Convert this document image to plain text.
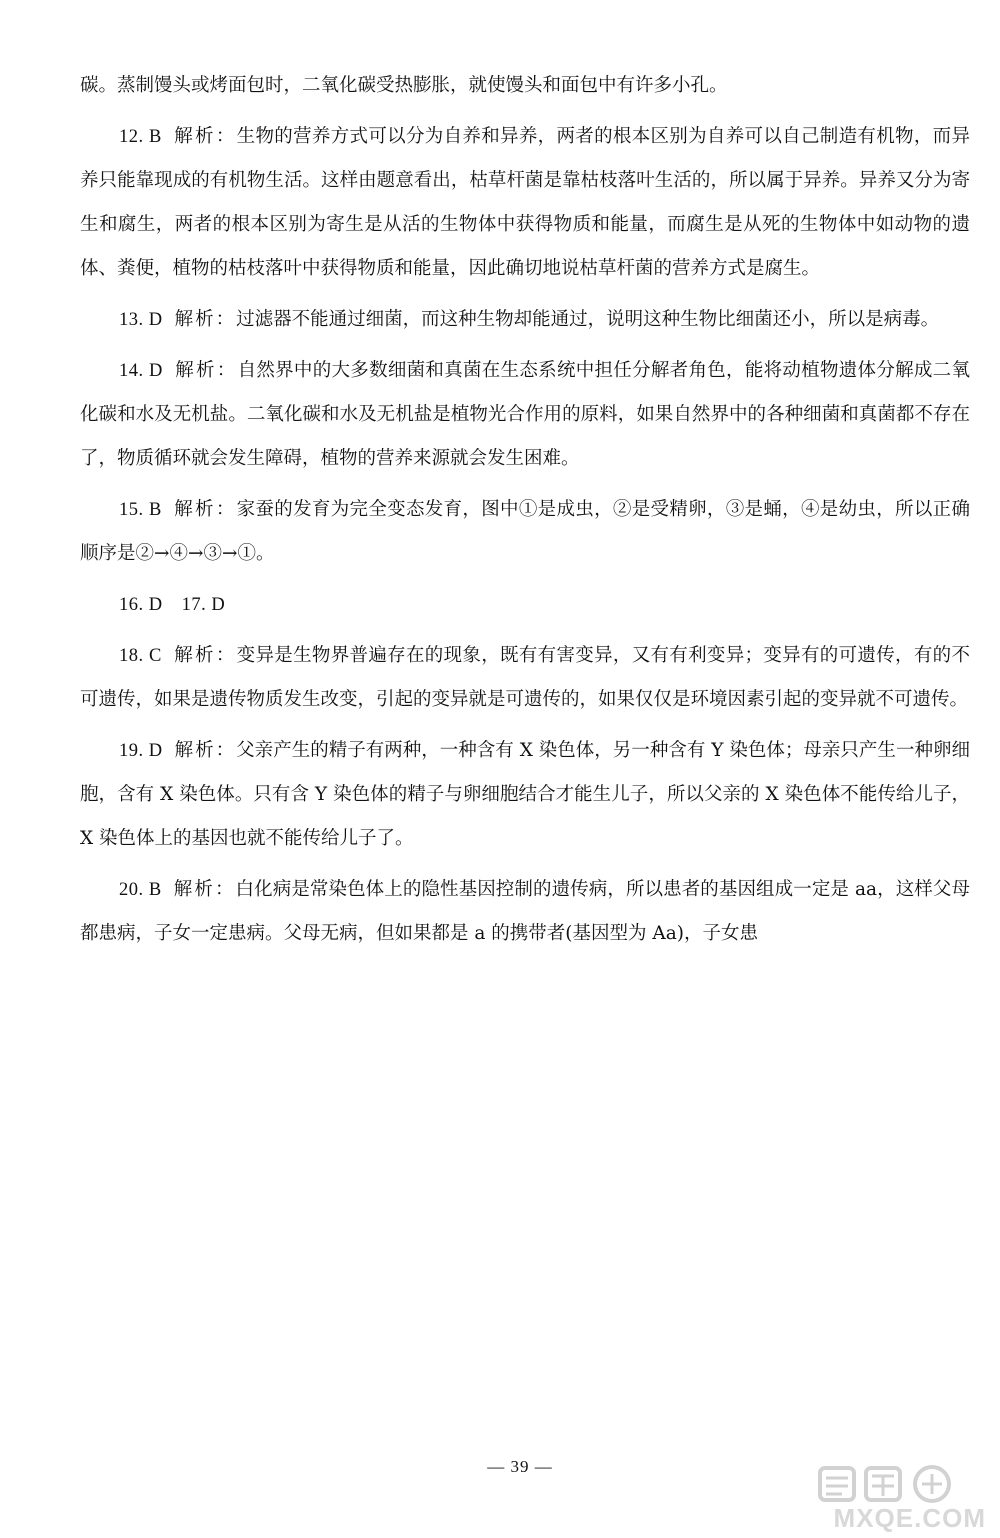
碳。蒸制馒头或烤面包时，二氧化碳受热膨胀，就使馒头和面包中有许多小孔。

12. B 解析：生物的营养方式可以分为自养和异养，两者的根本区别为自养可以自己制造有机物，而异养只能靠现成的有机物生活。这样由题意看出，枯草杆菌是靠枯枝落叶生活的，所以属于异养。异养又分为寄生和腐生，两者的根本区别为寄生是从活的生物体中获得物质和能量，而腐生是从死的生物体中如动物的遗体、粪便，植物的枯枝落叶中获得物质和能量，因此确切地说枯草杆菌的营养方式是腐生。

13. D 解析：过滤器不能通过细菌，而这种生物却能通过，说明这种生物比细菌还小，所以是病毒。

14. D 解析：自然界中的大多数细菌和真菌在生态系统中担任分解者角色，能将动植物遗体分解成二氧化碳和水及无机盐。二氧化碳和水及无机盐是植物光合作用的原料，如果自然界中的各种细菌和真菌都不存在了，物质循环就会发生障碍，植物的营养来源就会发生困难。

15. B 解析：家蚕的发育为完全变态发育，图中①是成虫，②是受精卵，③是蛹，④是幼虫，所以正确顺序是②→④→③→①。

16. D　17. D

18. C 解析：变异是生物界普遍存在的现象，既有有害变异，又有有利变异；变异有的可遗传，有的不可遗传，如果是遗传物质发生改变，引起的变异就是可遗传的，如果仅仅是环境因素引起的变异就不可遗传。

19. D 解析：父亲产生的精子有两种，一种含有 X 染色体，另一种含有 Y 染色体；母亲只产生一种卵细胞，含有 X 染色体。只有含 Y 染色体的精子与卵细胞结合才能生儿子，所以父亲的 X 染色体不能传给儿子，X 染色体上的基因也就不能传给儿子了。

20. B 解析：白化病是常染色体上的隐性基因控制的遗传病，所以患者的基因组成一定是 aa，这样父母都患病，子女一定患病。父母无病，但如果都是 a 的携带者(基因型为 Aa)，子女患

— 39 —
MXQE.COM
